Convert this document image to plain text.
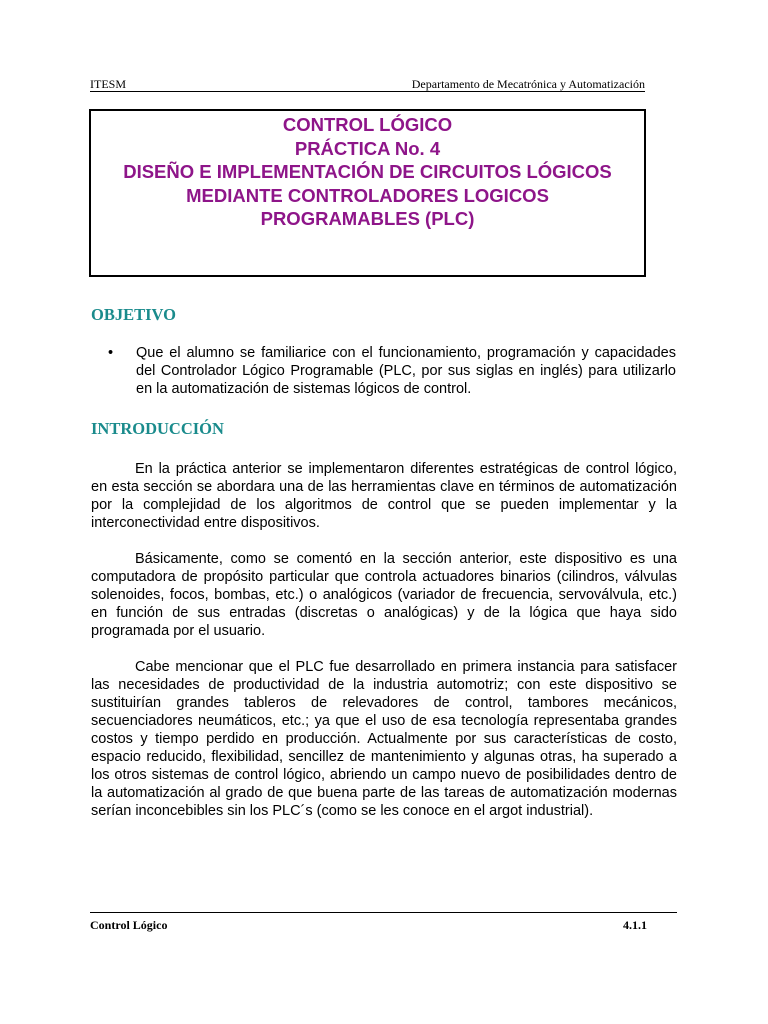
ITESM	Departamento de Mecatrónica y Automatización
CONTROL LÓGICO
PRÁCTICA No. 4
DISEÑO E IMPLEMENTACIÓN DE CIRCUITOS LÓGICOS
MEDIANTE CONTROLADORES LOGICOS
PROGRAMABLES (PLC)
OBJETIVO
• Que el alumno se familiarice con el funcionamiento, programación y capacidades del Controlador Lógico Programable (PLC, por sus siglas en inglés) para utilizarlo en la automatización de sistemas lógicos de control.
INTRODUCCIÓN
En la práctica anterior se implementaron diferentes estratégicas de control lógico, en esta sección se abordara una de las herramientas clave en términos de automatización por la complejidad de los algoritmos de control que se pueden implementar y la interconectividad entre dispositivos.
Básicamente, como se comentó en la sección anterior, este dispositivo es una computadora de propósito particular que controla actuadores binarios (cilindros, válvulas solenoides, focos, bombas, etc.) o analógicos (variador de frecuencia, servoválvula, etc.) en función de sus entradas (discretas o analógicas) y de la lógica que haya sido programada por el usuario.
Cabe mencionar que el PLC fue desarrollado en primera instancia para satisfacer las necesidades de productividad de la industria automotriz; con este dispositivo se sustituirían grandes tableros de relevadores de control, tambores mecánicos, secuenciadores neumáticos, etc.; ya que el uso de esa tecnología representaba grandes costos y tiempo perdido en producción. Actualmente por sus características de costo, espacio reducido, flexibilidad, sencillez de mantenimiento y algunas otras, ha superado a los otros sistemas de control lógico, abriendo un campo nuevo de posibilidades dentro de la automatización al grado de que buena parte de las tareas de automatización modernas serían inconcebibles sin los PLC´s (como se les conoce en el argot industrial).
Control Lógico	4.1.1
